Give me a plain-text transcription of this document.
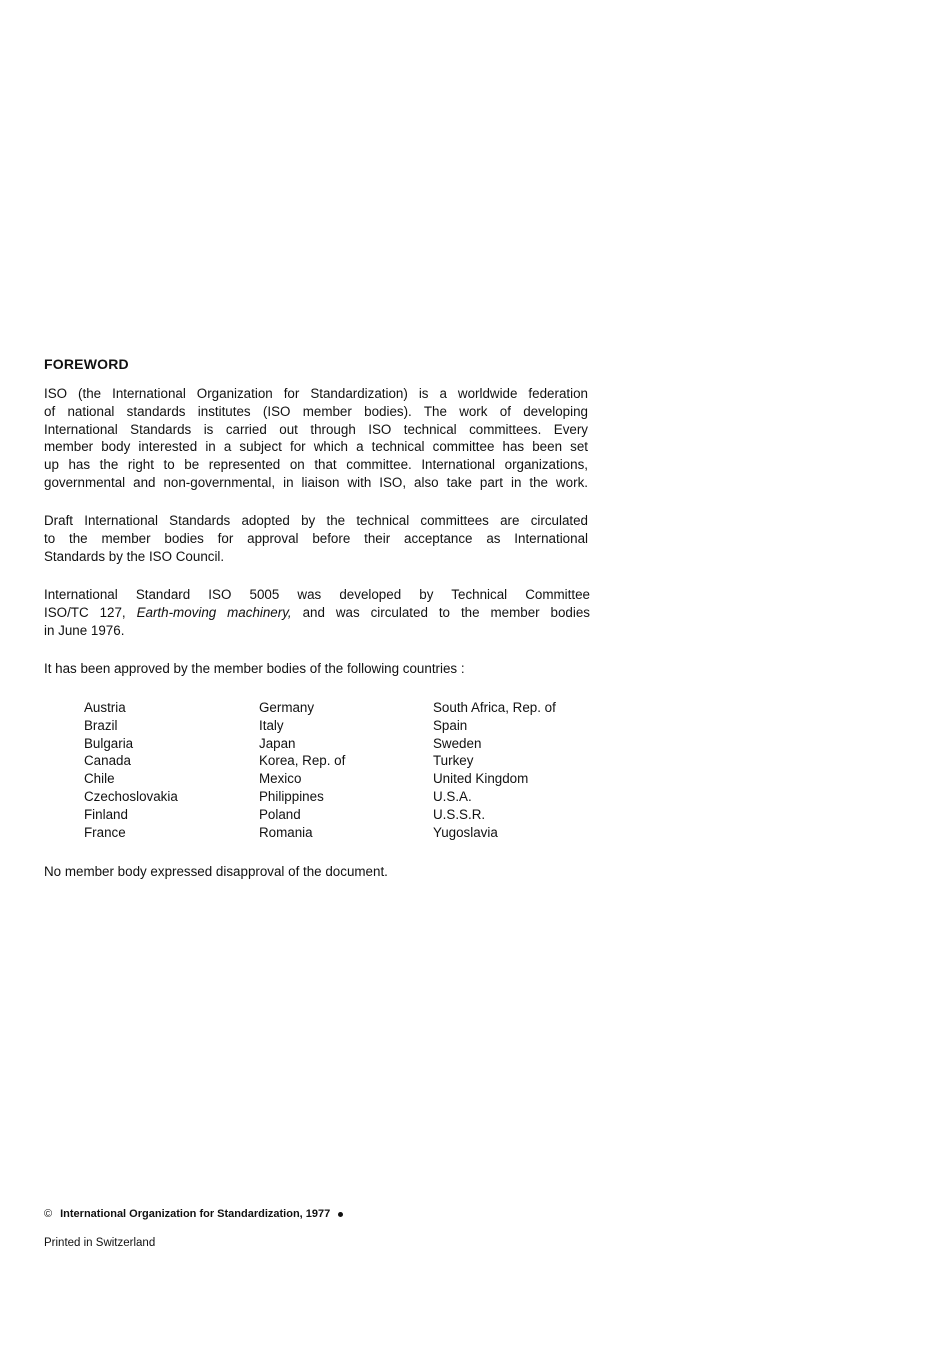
FOREWORD
ISO (the International Organization for Standardization) is a worldwide federation
of national standards institutes (ISO member bodies). The work of developing
International Standards is carried out through ISO technical committees. Every
member body interested in a subject for which a technical committee has been set
up has the right to be represented on that committee. International organizations,
governmental and non-governmental, in liaison with ISO, also take part in the work.
Draft International Standards adopted by the technical committees are circulated
to the member bodies for approval before their acceptance as International
Standards by the ISO Council.
International Standard ISO 5005 was developed by Technical Committee
ISO/TC 127, Earth-moving machinery, and was circulated to the member bodies
in June 1976.
It has been approved by the member bodies of the following countries :
Austria
Brazil
Bulgaria
Canada
Chile
Czechoslovakia
Finland
France
Germany
Italy
Japan
Korea, Rep. of
Mexico
Philippines
Poland
Romania
South Africa, Rep. of
Spain
Sweden
Turkey
United Kingdom
U.S.A.
U.S.S.R.
Yugoslavia
No member body expressed disapproval of the document.
© International Organization for Standardization, 1977
Printed in Switzerland
